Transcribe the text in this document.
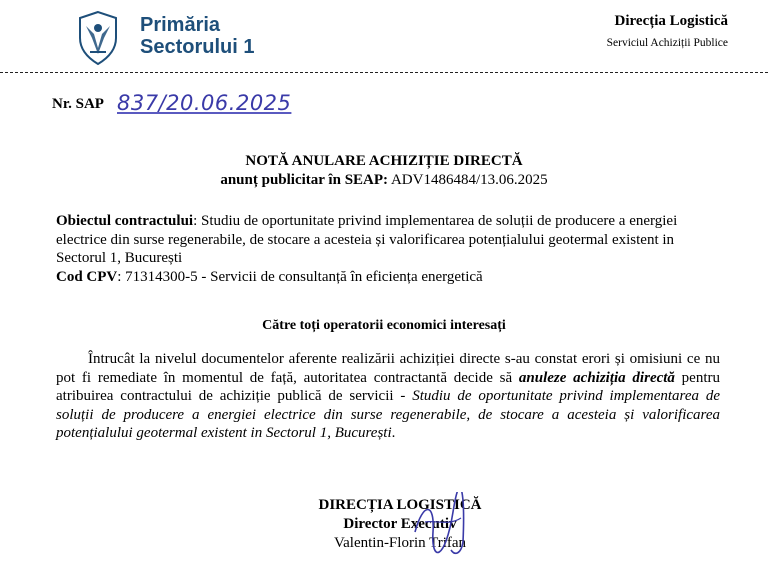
Primăria
Sectorului 1
Direcția Logistică
Serviciul Achiziții Publice
Nr. SAP 837/20.06.2025
NOTĂ ANULARE ACHIZIȚIE DIRECTĂ
anunț publicitar în SEAP: ADV1486484/13.06.2025
Obiectul contractului: Studiu de oportunitate privind implementarea de soluții de producere a energiei electrice din surse regenerabile, de stocare a acesteia și valorificarea potențialului geotermal existent in Sectorul 1, București
Cod CPV: 71314300-5 - Servicii de consultanță în eficiența energetică
Către toți operatorii economici interesați
Întrucât la nivelul documentelor aferente realizării achiziției directe s-au constat erori și omisiuni ce nu pot fi remediate în momentul de față, autoritatea contractantă decide să anuleze achiziția directă pentru atribuirea contractului de achiziție publică de servicii - Studiu de oportunitate privind implementarea de soluții de producere a energiei electrice din surse regenerabile, de stocare a acesteia și valorificarea potențialului geotermal existent in Sectorul 1, București.
DIRECȚIA LOGISTICĂ
Director Executiv
Valentin-Florin Trifan
